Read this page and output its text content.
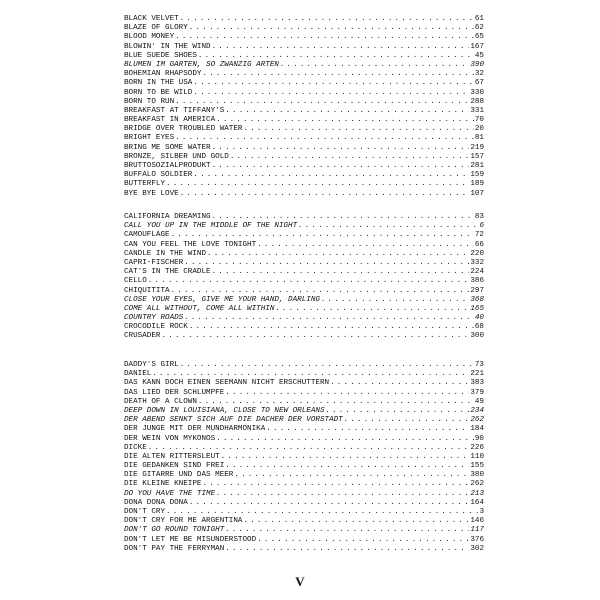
BLACK VELVET . . .	61
BLAZE OF GLORY . . .	62
BLOOD MONEY . . .	65
BLOWIN' IN THE WIND . . .	167
BLUE SUEDE SHOES . . .	45
BLUMEN IM GARTEN, SO ZWANZIG ARTEN . . .	390
BOHEMIAN RHAPSODY . . .	32
BORN IN THE USA . . .	67
BORN TO BE WILD . . .	330
BORN TO RUN . . .	288
BREAKFAST AT TIFFANY'S . . .	331
BREAKFAST IN AMERICA . . .	70
BRIDGE OVER TROUBLED WATER . . .	20
BRIGHT EYES . . .	81
BRING ME SOME WATER . . .	219
BRONZE, SILBER UND GOLD . . .	157
BRUTTOSOZIALPRODUKT . . .	281
BUFFALO SOLDIER . . .	159
BUTTERFLY . . .	189
BYE BYE LOVE . . .	107
CALIFORNIA DREAMING . . .	83
CALL YOU UP IN THE MIDDLE OF THE NIGHT . . .	6
CAMOUFLAGE . . .	72
CAN YOU FEEL THE LOVE TONIGHT . . .	66
CANDLE IN THE WIND . . .	220
CAPRI-FISCHER . . .	332
CAT'S IN THE CRADLE . . .	224
CELLO . . .	386
CHIQUITITA . . .	297
CLOSE YOUR EYES, GIVE ME YOUR HAND, DARLING . . .	368
COME ALL WITHOUT, COME ALL WITHIN . . .	165
COUNTRY ROADS . . .	40
CROCODILE ROCK . . .	68
CRUSADER . . .	300
DADDY'S GIRL . . .	73
DANIEL . . .	221
DAS KANN DOCH EINEN SEEMANN NICHT ERSCHÜTTERN . . .	383
DAS LIED DER SCHLÜMPFE . . .	379
DEATH OF A CLOWN . . .	49
DEEP DOWN IN LOUISIANA, CLOSE TO NEW ORLEANS . . .	234
DER ABEND SENKT SICH AUF DIE DÄCHER DER VORSTADT . . .	262
DER JUNGE MIT DER MUNDHARMONIKA . . .	184
DER WEIN VON MYKONOS . . .	90
DICKE . . .	226
DIE ALTEN RITTERSLEUT . . .	110
DIE GEDANKEN SIND FREI . . .	155
DIE GITARRE UND DAS MEER . . .	380
DIE KLEINE KNEIPE . . .	262
DO YOU HAVE THE TIME . . .	213
DONA DONA DONA . . .	164
DON'T CRY . . .	3
DON'T CRY FOR ME ARGENTINA . . .	146
DON'T GO ROUND TONIGHT . . .	117
DON'T LET ME BE MISUNDERSTOOD . . .	376
DON'T PAY THE FERRYMAN . . .	302
V
